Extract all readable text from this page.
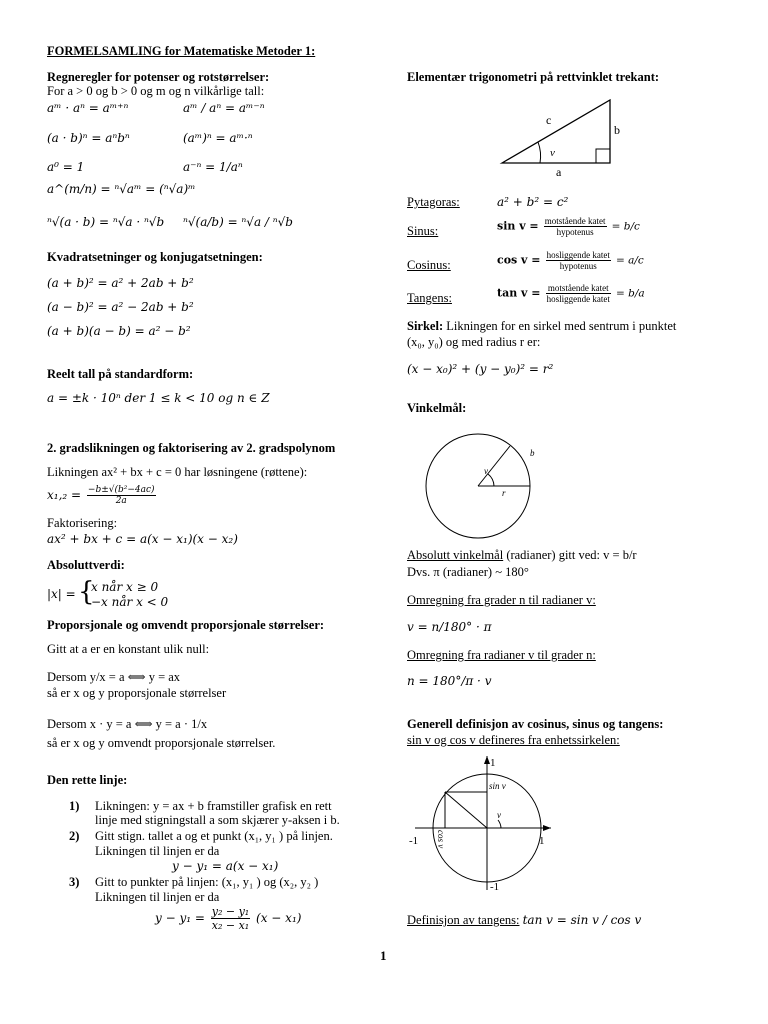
FORMELSAMLING for Matematiske Metoder 1:
Regneregler for potenser og rotstørrelser:
For a > 0 og b > 0 og m og n vilkårlige tall:
aᵐ · aⁿ = aᵐ⁺ⁿ	aᵐ / aⁿ = aᵐ⁻ⁿ
(a · b)ⁿ = aⁿbⁿ	(aᵐ)ⁿ = aᵐ·ⁿ
a⁰ = 1	a⁻ⁿ = 1/aⁿ
a^(m/n) = ⁿ√aᵐ = (ⁿ√a)ᵐ
ⁿ√(a · b) = ⁿ√a · ⁿ√b ⁿ√(a/b) = ⁿ√a / ⁿ√b
Kvadratsetninger og konjugatsetningen:
(a + b)² = a² + 2ab + b²
(a − b)² = a² − 2ab + b²
(a + b)(a − b) = a² − b²
Reelt tall på standardform:
a = ±k · 10ⁿ der 1 ≤ k < 10 og n ∈ Z
2. gradslikningen og faktorisering av 2. gradspolynom
Likningen ax² + bx + c = 0 har løsningene (røttene):
$x_1,_2 = \frac{\text{−b±√(b²−4ac)}}{2a}$
Faktorisering:
ax² + bx + c = a(x − x₁)(x − x₂)
Absoluttverdi:
|x| = {
x når x ≥ 0
−x når x < 0
Proporsjonale og omvendt proporsjonale størrelser:
Gitt at a er en konstant ulik null:
Dersom y/x = a ⟺ y = ax
så er x og y proporsjonale størrelser
Dersom x · y = a ⟺ y = a · 1/x
så er x og y omvendt proporsjonale størrelser.
Den rette linje:
1) Likningen: y = ax + b framstiller grafisk en rett
linje med stigningstall a som skjærer y-aksen i b.
2) Gitt stign. tallet a og et punkt (x₁, y₁ ) på linjen.
Likningen til linjen er da
y − y₁ = a(x − x₁)
3) Gitt to punkter på linjen: (x₁, y₁ ) og (x₂, y₂ )
Likningen til linjen er da
$y - y_1 = \frac{\text{y₂ − y₁}}{\text{x₂ − x₁}} (x - x_1)$
Elementær trigonometri på rettvinklet trekant:
c
b
a
v
Pytagoras:	a² + b² = c²
Sinus:	$\sin v = \frac{\text{motstående katet}}{\text{hypotenus}} = b/c$
Cosinus:	$\cos v = \frac{\text{hosliggende katet}}{\text{hypotenus}} = a/c$
Tangens:	$\tan v = \frac{\text{motstående katet}}{\text{hosliggende katet}} = b/a$
Sirkel: Likningen for en sirkel med sentrum i punktet
(x₀, y₀) og med radius r er:
(x − x₀)² + (y − y₀)² = r²
Vinkelmål:
v
b
r
Absolutt vinkelmål (radianer) gitt ved: v = b/r
Dvs. π (radianer) ~ 180°
Omregning fra grader n til radianer v:
v = n/180° · π
Omregning fra radianer v til grader n:
n = 180°/π · v
Generell definisjon av cosinus, sinus og tangens:
sin v og cos v defineres fra enhetssirkelen:
1
-1	1
-1
sin v
cos v
v
Definisjon av tangens: tan v = sin v / cos v
1
